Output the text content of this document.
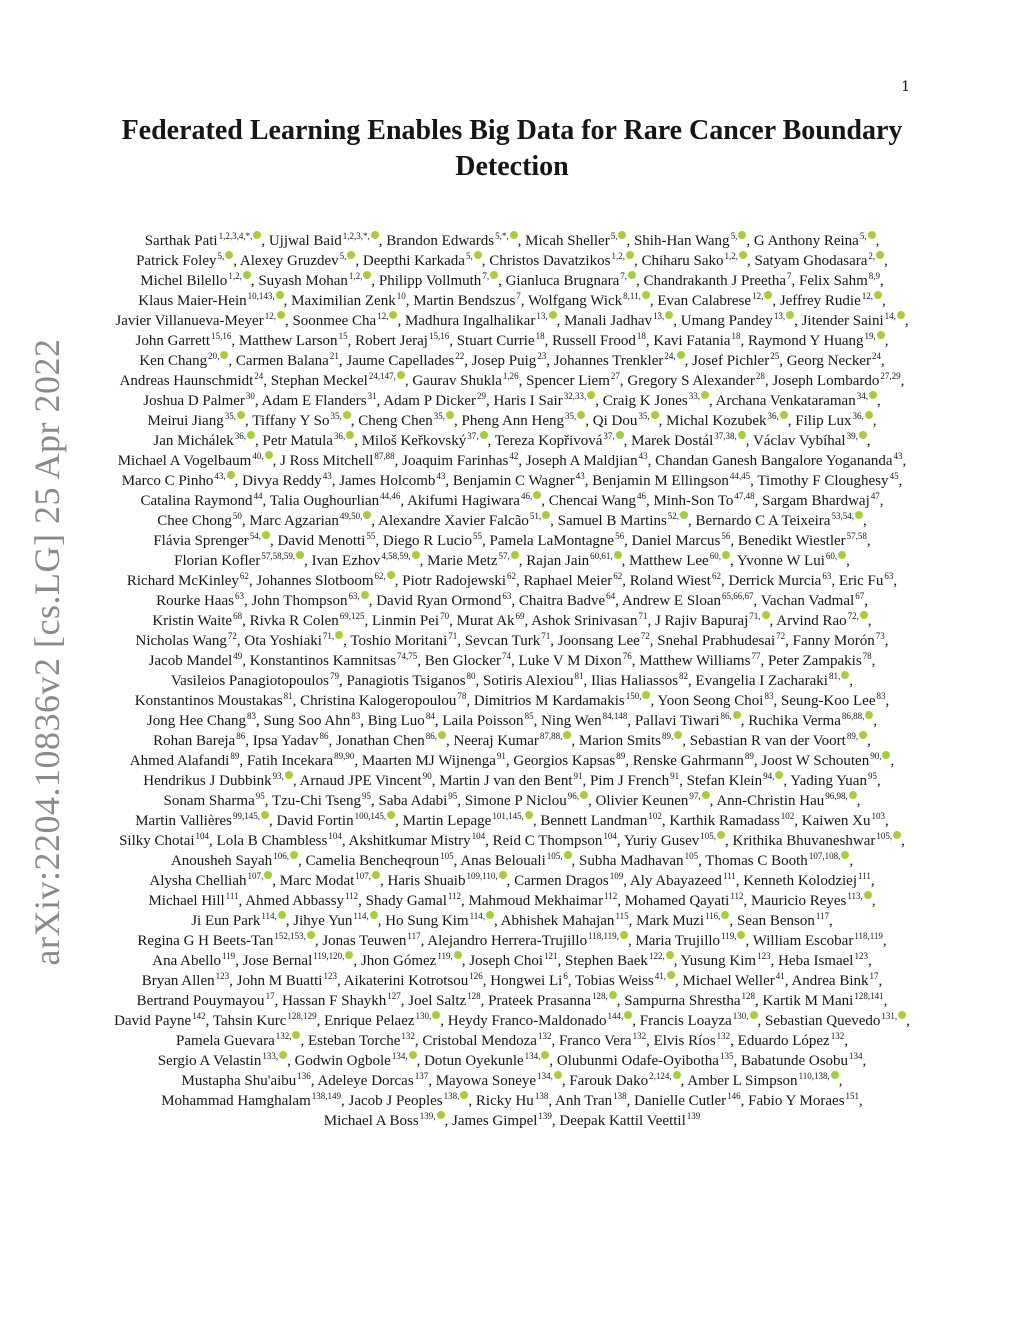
1
arXiv:2204.10836v2 [cs.LG] 25 Apr 2022
Federated Learning Enables Big Data for Rare Cancer Boundary Detection

Sarthak Pati$^{1,2,3,4,*,}$ , Ujjwal Baid$^{1,2,3,*,}$ , Brandon Edwards$^{5,*,}$ , Micah Sheller$^{5,}$ , Shih-Han Wang$^{5,}$ , G Anthony Reina$^{5,}$ , Patrick Foley$^{5,}$ , Alexey Gruzdev$^{5,}$ , Deepthi Karkada$^{5,}$ , Christos Davatzikos$^{1,2,}$ , Chiharu Sako$^{1,2,}$ , Satyam Ghodasara$^{2,}$ , Michel Bilello$^{1,2,}$ , Suyash Mohan$^{1,2,}$ , Philipp Vollmuth$^{7,}$ , Gianluca Brugnara$^{7,}$ , Chandrakanth J Preetha$^7$, Felix Sahm$^{8,9}$, Klaus Maier-Hein$^{10,143,}$ , Maximilian Zenk$^{10}$, Martin Bendszus$^7$, Wolfgang Wick$^{8,11,}$ , Evan Calabrese$^{12,}$ , Jeffrey Rudie$^{12,}$ , Javier Villanueva-Meyer$^{12,}$ , Soonmee Cha$^{12,}$ , Madhura Ingalhalikar$^{13,}$ , Manali Jadhav$^{13,}$ , Umang Pandey$^{13,}$ , Jitender Saini$^{14,}$ , John Garrett$^{15,16}$, Matthew Larson$^{15}$, Robert Jeraj$^{15,16}$, Stuart Currie$^{18}$, Russell Frood$^{18}$, Kavi Fatania$^{18}$, Raymond Y Huang$^{19,}$ , Ken Chang$^{20,}$ , Carmen Balana$^{21}$, Jaume Capellades$^{22}$, Josep Puig$^{23}$, Johannes Trenkler$^{24,}$ , Josef Pichler$^{25}$, Georg Necker$^{24}$, Andreas Haunschmidt$^{24}$, Stephan Meckel$^{24,147,}$ , Gaurav Shukla$^{1,26}$, Spencer Liem$^{27}$, Gregory S Alexander$^{28}$, Joseph Lombardo$^{27,29}$, Joshua D Palmer$^{30}$, Adam E Flanders$^{31}$, Adam P Dicker$^{29}$, Haris I Sair$^{32,33,}$ , Craig K Jones$^{33,}$ , Archana Venkataraman$^{34,}$ , Meirui Jiang$^{35,}$ , Tiffany Y $So^{35,}$ , Cheng Chen$^{35,}$ , Pheng Ann Heng$^{35,}$ , Qi Dou$^{35,}$ , Michal Kozubek$^{36,}$ , Filip Lux$^{36,}$ , Jan Michálek$^{36,}$ , Petr Matula$^{36,}$ , Miloš Keřkovský$^{37,}$ , Tereza Kopřivová$^{37,}$ , Marek Dostál$^{37,38,}$ , Václav Vybíhal$^{39,}$ , Michael A Vogelbaum$^{40,}$ , J Ross Mitchell$^{87,88}$, Joaquim Farinhas$^{42}$, Joseph A Maldjian$^{43}$, Chandan Ganesh Bangalore Yogananda$^{43}$, Marco C Pinho$^{43,}$ , Divya Reddy$^{43}$, James Holcomb$^{43}$, Benjamin C Wagner$^{43}$, Benjamin M Ellingson$^{44,45}$, Timothy F Cloughesy$^{45}$, Catalina Raymond$^{44}$, Talia Oughourlian$^{44,46}$, Akifumi Hagiwara$^{46,}$ , Chencai Wang$^{46}$, Minh-Son To$^{47,48}$, Sargam Bhardwaj$^{47}$, Chee Chong$^{50}$, Marc Agzarian$^{49,50,}$ , Alexandre Xavier Falcão$^{51,}$ , Samuel B Martins$^{52,}$ , Bernardo C A Teixeira$^{53,54,}$ , Flávia Sprenger$^{54,}$ , David Menotti$^{55}$, Diego R Lucio$^{55}$, Pamela LaMontagne$^{56}$, Daniel Marcus$^{56}$, Benedikt Wiestler$^{57,58}$, Florian Kofler$^{57,58,59,}$ , Ivan Ezhov$^{4,58,59,}$ , Marie Metz$^{57,}$ , Rajan Jain$^{60,61,}$ , Matthew Lee$^{60,}$ , Yvonne W Lui$^{60,}$ , Richard McKinley$^{62}$, Johannes Slotboom$^{62,}$ , Piotr Radojewski$^{62}$, Raphael Meier$^{62}$, Roland Wiest$^{62}$, Derrick Murcia$^{63}$, Eric Fu$^{63}$, Rourke Haas$^{63}$, John Thompson$^{63,}$ , David Ryan Ormond$^{63}$, Chaitra Badve$^{64}$, Andrew E Sloan$^{65,66,67}$, Vachan Vadmal$^{67}$, Kristin Waite$^{68}$, Rivka R Colen$^{69,125}$, Linmin Pei$^{70}$, Murat Ak$^{69}$, Ashok Srinivasan$^{71}$, J Rajiv Bapuraj$^{71,}$ , Arvind Rao$^{72,}$ , Nicholas Wang$^{72}$, Ota Yoshiaki$^{71,}$ , Toshio Moritani$^{71}$, Sevcan Turk$^{71}$, Joonsang Lee$^{72}$, Snehal Prabhudesai$^{72}$, Fanny Morón$^{73}$, Jacob Mandel$^{49}$, Konstantinos Kamnitsas$^{74,75}$, Ben Glocker$^{74}$, Luke V M Dixon$^{76}$, Matthew Williams$^{77}$, Peter Zampakis$^{78}$, Vasileios Panagiotopoulos$^{79}$, Panagiotis Tsiganos$^{80}$, Sotiris Alexiou$^{81}$, Ilias Haliassos$^{82}$, Evangelia I Zacharaki$^{81,}$ , Konstantinos Moustakas$^{81}$, Christina Kalogeropoulou$^{78}$, Dimitrios M Kardamakis$^{150,}$ , Yoon Seong Choi$^{83}$, Seung-Koo Lee$^{83}$, Jong Hee Chang$^{83}$, Sung Soo Ahn$^{83}$, Bing Luo$^{84}$, Laila Poisson$^{85}$, Ning Wen$^{84,148}$, Pallavi Tiwari$^{86,}$ , Ruchika Verma$^{86,88,}$ , Rohan Bareja$^{86}$, Ipsa Yadav$^{86}$, Jonathan Chen$^{86,}$ , Neeraj Kumar$^{87,88,}$ , Marion Smits$^{89,}$ , Sebastian R van der Voort$^{89,}$ , Ahmed Alafandi$^{89}$, Fatih Incekara$^{89,90}$, Maarten MJ Wijnenga$^{91}$, Georgios Kapsas$^{89}$, Renske Gahrmann$^{89}$, Joost W Schouten$^{90,}$ , Hendrikus J Dubbink$^{93,}$ , Arnaud JPE Vincent$^{90}$, Martin J van den Bent$^{91}$, Pim J French$^{91}$, Stefan Klein$^{94,}$ , Yading Yuan$^{95}$, Sonam Sharma$^{95}$, Tzu-Chi Tseng$^{95}$, Saba Adabi$^{95}$, Simone P Niclou$^{96,}$ , Olivier Keunen$^{97,}$ , Ann-Christin Hau$^{96,98,}$ , Martin Vallières$^{99,145,}$ , David Fortin$^{100,145,}$ , Martin Lepage$^{101,145,}$ , Bennett Landman$^{102}$, Karthik Ramadass$^{102}$, Kaiwen Xu$^{103}$, Silky Chotai$^{104}$, Lola B Chambless$^{104}$, Akshitkumar Mistry$^{104}$, Reid C Thompson$^{104}$, Yuriy Gusev$^{105,}$ , Krithika Bhuvaneshwar$^{105,}$ , Anousheh Sayah$^{106,}$ , Camelia Bencheqroun$^{105}$, Anas Belouali$^{105,}$ , Subha Madhavan$^{105}$, Thomas C Booth$^{107,108,}$ , Alysha Chelliah$^{107,}$ , Marc Modat$^{107,}$ , Haris Shuaib$^{109,110,}$ , Carmen Dragos$^{109}$, Aly Abayazeed$^{111}$, Kenneth Kolodziej$^{111}$, Michael Hill$^{111}$, Ahmed Abbassy$^{112}$, Shady Gamal$^{112}$, Mahmoud Mekhaimar$^{112}$, Mohamed Qayati$^{112}$, Mauricio Reyes$^{113,}$ , Ji Eun Park$^{114,}$ , Jihye Yun$^{114,}$ , Ho Sung Kim$^{114,}$ , Abhishek Mahajan$^{115}$, Mark Muzi$^{116,}$ , Sean Benson$^{117}$, Regina G H Beets-Tan$^{152,153,}$ , Jonas Teuwen$^{117}$, Alejandro Herrera-Trujillo$^{118,119,}$ , Maria Trujillo$^{119,}$ , William Escobar$^{118,119}$, Ana Abello$^{119}$, Jose Bernal$^{119,120,}$ , Jhon Gómez$^{119,}$ , Joseph Choi$^{121}$, Stephen Baek$^{122,}$ , Yusung Kim$^{123}$, Heba Ismael$^{123}$, Bryan Allen$^{123}$, John M Buatti$^{123}$, Aikaterini Kotrotsou$^{126}$, Hongwei Li$^6$, Tobias Weiss$^{41,}$ , Michael Weller$^{41}$, Andrea Bink$^{17}$, Bertrand Pouymayou$^{17}$, Hassan F Shaykh$^{127}$, Joel Saltz$^{128}$, Prateek Prasanna$^{128,}$ , Sampurna Shrestha$^{128}$, Kartik M Mani$^{128,141}$, David Payne$^{142}$, Tahsin Kurc$^{128,129}$, Enrique Pelaez$^{130,}$ , Heydy Franco-Maldonado$^{144,}$ , Francis Loayza$^{130,}$ , Sebastian Quevedo$^{131,}$ , Pamela Guevara$^{132,}$ , Esteban Torche$^{132}$, Cristobal Mendoza$^{132}$, Franco Vera$^{132}$, Elvis Ríos$^{132}$, Eduardo López$^{132}$, Sergio A Velastin$^{133,}$ , Godwin Ogbole$^{134,}$ , Dotun Oyekunle$^{134,}$ , Olubunmi Odafe-Oyibotha$^{135}$, Babatunde Osobu$^{134}$, Mustapha Shu'aibu$^{136}$, Adeleye Dorcas$^{137}$, Mayowa Soneye$^{134,}$ , Farouk Dako$^{2,124,}$ , Amber L Simpson$^{110,138,}$ , Mohammad Hamghalam$^{138,149}$, Jacob J Peoples$^{138,}$ , Ricky Hu$^{138}$, Anh Tran$^{138}$, Danielle Cutler$^{146}$, Fabio Y Moraes$^{151}$, Michael A Boss$^{139,}$ , James Gimpel$^{139}$, Deepak Kattil Veettil$^{139}$
